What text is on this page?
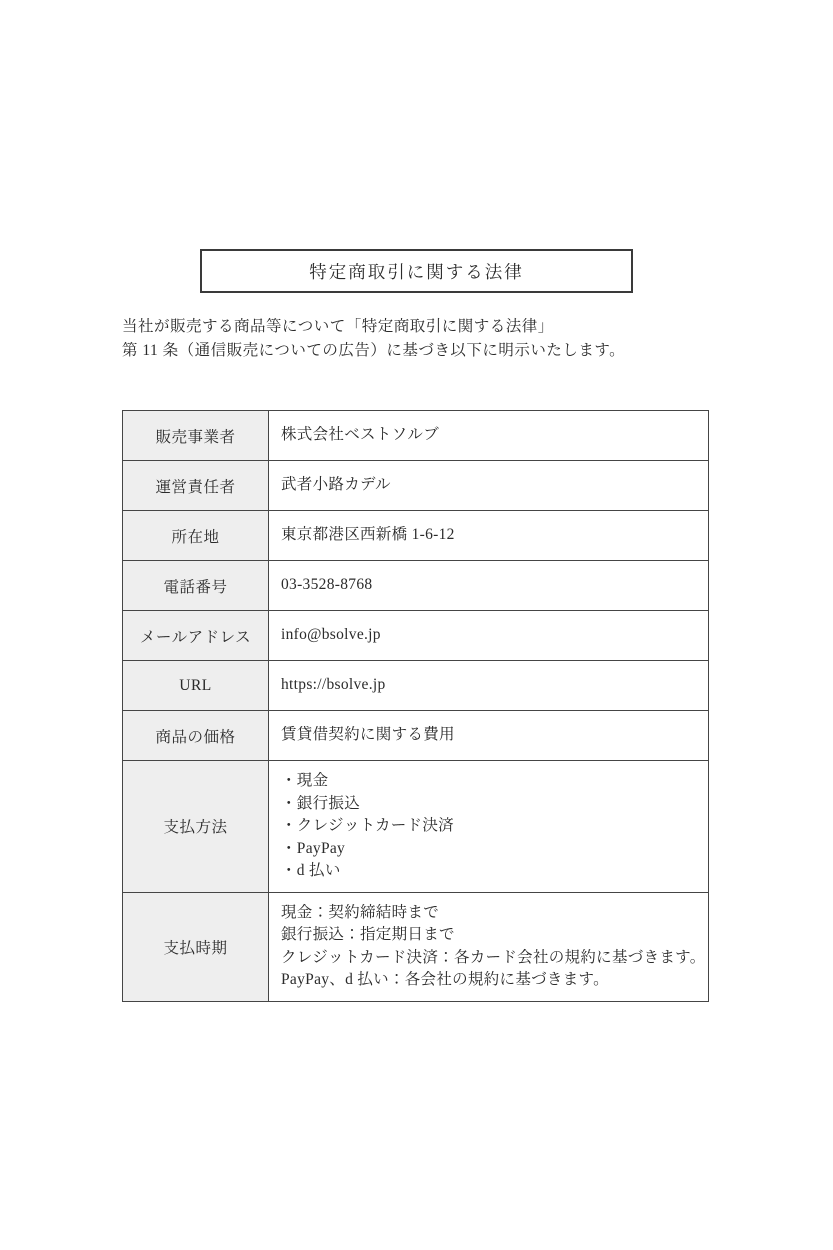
特定商取引に関する法律
当社が販売する商品等について「特定商取引に関する法律」
第 11 条（通信販売についての広告）に基づき以下に明示いたします。
販売事業者	株式会社ベストソルブ

運営責任者	武者小路カデル

所在地	東京都港区西新橋 1-6-12

電話番号	03-3528-8768

メールアドレス	info@bsolve.jp

URL	https://bsolve.jp

商品の価格	賃貸借契約に関する費用

支払方法	・現金
・銀行振込
・クレジットカード決済
・PayPay
・d 払い

支払時期	現金：契約締結時まで
銀行振込：指定期日まで
クレジットカード決済：各カード会社の規約に基づきます。
PayPay、d 払い：各会社の規約に基づきます。
